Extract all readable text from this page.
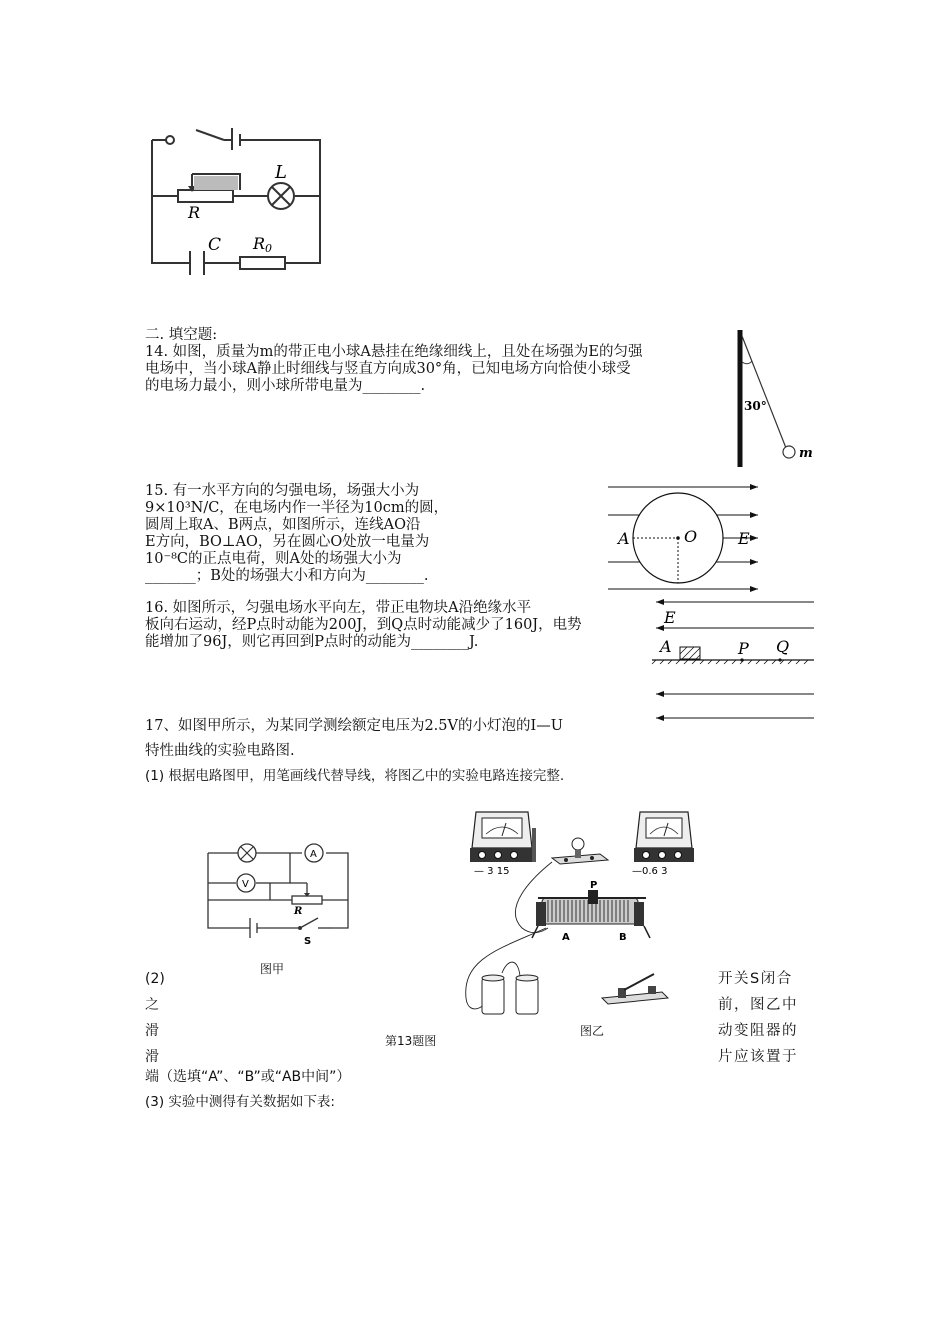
L
R
C R0
二. 填空题:
14. 如图，质量为m的带正电小球A悬挂在绝缘细线上，且处在场强为E的匀强
电场中，当小球A静止时细线与竖直方向成30°角，已知电场方向恰使小球受
的电场力最小，则小球所带电量为________.
30°
m
15. 有一水平方向的匀强电场，场强大小为
9×10³N/C，在电场内作一半径为10cm的圆，
圆周上取A、B两点，如图所示，连线AO沿
E方向，BO⊥AO，另在圆心O处放一电量为
10⁻⁸C的正点电荷，则A处的场强大小为
_______；B处的场强大小和方向为________.
A	O	E
16. 如图所示，匀强电场水平向左，带正电物块A沿绝缘水平
板向右运动，经P点时动能为200J，到Q点时动能减少了160J，电势
能增加了96J，则它再回到P点时的动能为________J.
E
A	P Q
17、如图甲所示，为某同学测绘额定电压为2.5V的小灯泡的I—U
特性曲线的实验电路图.
(1) 根据电路图甲，用笔画线代替导线，将图乙中的实验电路连接完整.
A
V
R
S
图甲
— 3 15	—0.6 3
P
A	B
图乙
第13题图
(2)
之
滑
滑
开关S闭合
前，图乙中
动变阻器的
片应该置于
端（选填“A”、“B”或“AB中间”）
(3) 实验中测得有关数据如下表:
